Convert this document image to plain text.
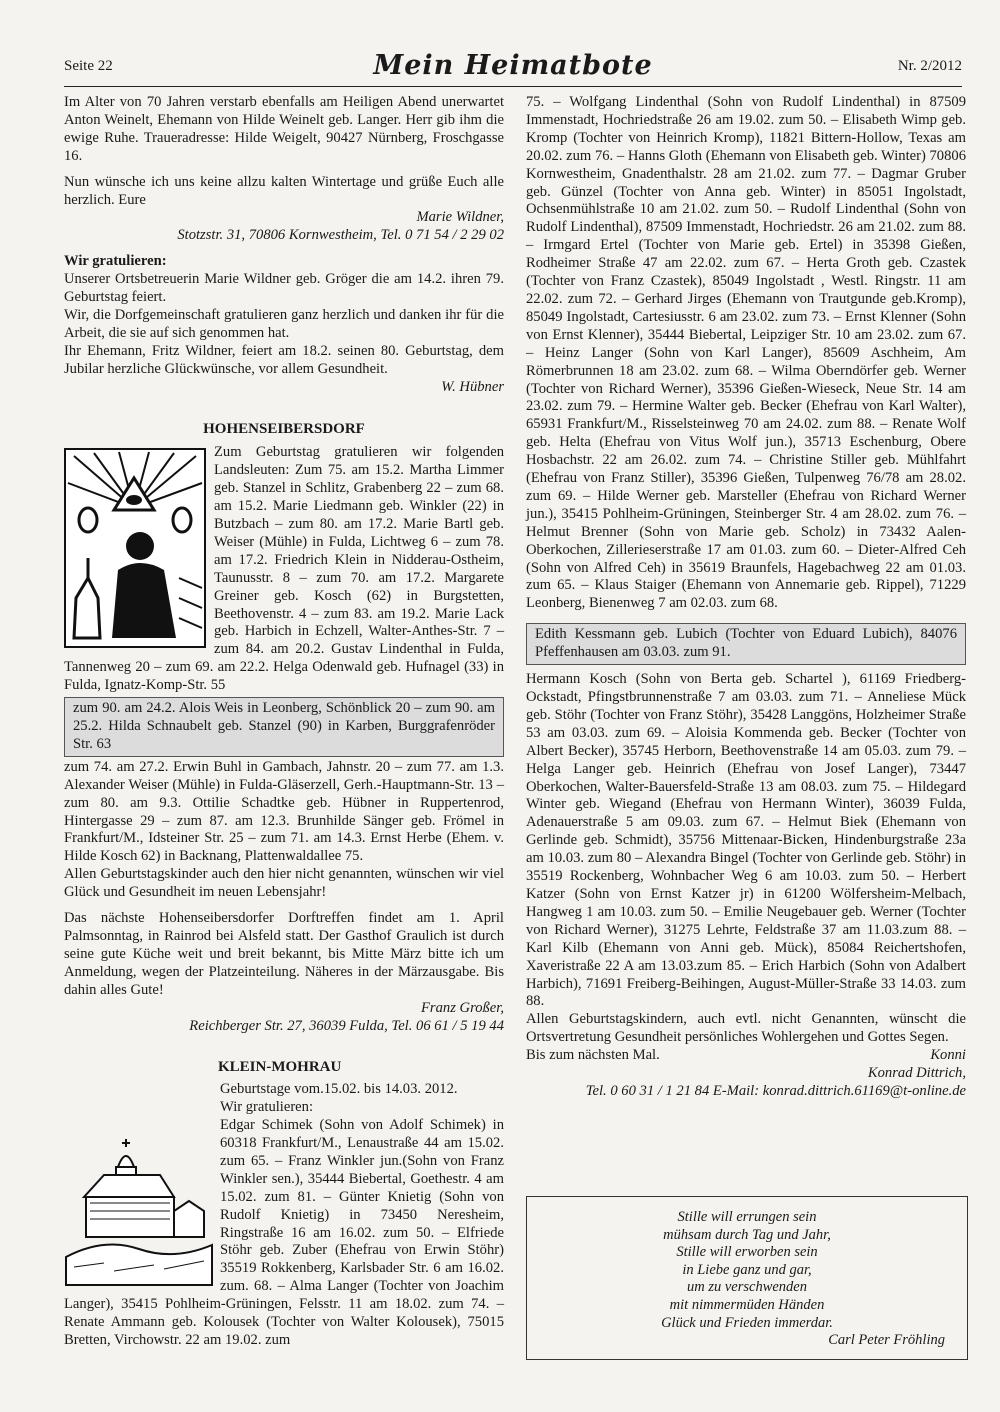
Seite 22	Mein Heimatbote	Nr. 2/2012

Im Alter von 70 Jahren verstarb ebenfalls am Heiligen Abend unerwartet Anton Weinelt, Ehemann von Hilde Weinelt geb. Langer. Herr gib ihm die ewige Ruhe. Traueradresse: Hilde Weigelt, 90427 Nürnberg, Froschgasse 16.

Nun wünsche ich uns keine allzu kalten Wintertage und grüße Euch alle herzlich. Eure

Marie Wildner,

Stotzstr. 31, 70806 Kornwestheim, Tel. 0 71 54 / 2 29 02

Wir gratulieren:

Unserer Ortsbetreuerin Marie Wildner geb. Gröger die am 14.2. ihren 79. Geburtstag feiert.

Wir, die Dorfgemeinschaft gratulieren ganz herzlich und danken ihr für die Arbeit, die sie auf sich genommen hat.

Ihr Ehemann, Fritz Wildner, feiert am 18.2. seinen 80. Geburtstag, dem Jubilar herzliche Glückwünsche, vor allem Gesundheit.

W. Hübner

HOHENSEIBERSDORF

Zum Geburtstag gratulieren wir folgenden Landsleuten: Zum 75. am 15.2. Martha Limmer geb. Stanzel in Schlitz, Grabenberg 22 – zum 68. am 15.2. Marie Liedmann geb. Winkler (22) in Butzbach – zum 80. am 17.2. Marie Bartl geb. Weiser (Mühle) in Fulda, Lichtweg 6 – zum 78. am 17.2. Friedrich Klein in Nidderau-Ostheim, Taunusstr. 8 – zum 70. am 17.2. Margarete Greiner geb. Kosch (62) in Burgstetten, Beethovenstr. 4 – zum 83. am 19.2. Marie Lack geb. Harbich in Echzell, Walter-Anthes-Str. 7 – zum 84. am 20.2. Gustav Lindenthal in Fulda, Tannenweg 20 – zum 69. am 22.2. Helga Odenwald geb. Hufnagel (33) in Fulda, Ignatz-Komp-Str. 55

zum 90. am 24.2. Alois Weis in Leonberg, Schönblick 20 – zum 90. am 25.2. Hilda Schnaubelt geb. Stanzel (90) in Karben, Burggrafenröder Str. 63

zum 74. am 27.2. Erwin Buhl in Gambach, Jahnstr. 20 – zum 77. am 1.3. Alexander Weiser (Mühle) in Fulda-Gläserzell, Gerh.-Hauptmann-Str. 13 – zum 80. am 9.3. Ottilie Schadtke geb. Hübner in Ruppertenrod, Hintergasse 29 – zum 87. am 12.3. Brunhilde Sänger geb. Frömel in Frankfurt/M., Idsteiner Str. 25 – zum 71. am 14.3. Ernst Herbe (Ehem. v. Hilde Kosch 62) in Backnang, Plattenwaldallee 75.

Allen Geburtstagskinder auch den hier nicht genannten, wünschen wir viel Glück und Gesundheit im neuen Lebensjahr!

Das nächste Hohenseibersdorfer Dorftreffen findet am 1. April Palmsonntag, in Rainrod bei Alsfeld statt. Der Gasthof Graulich ist durch seine gute Küche weit und breit bekannt, bis Mitte März bitte ich um Anmeldung, wegen der Platzeinteilung. Näheres in der Märzausgabe. Bis dahin alles Gute!

Franz Großer,

Reichberger Str. 27, 36039 Fulda, Tel. 06 61 / 5 19 44

KLEIN-MOHRAU

Geburtstage vom.15.02. bis 14.03. 2012.

Wir gratulieren:

Edgar Schimek (Sohn von Adolf Schimek) in 60318 Frankfurt/M., Lenaustraße 44 am 15.02. zum 65. – Franz Winkler jun.(Sohn von Franz Winkler sen.), 35444 Biebertal, Goethestr. 4 am 15.02. zum 81. – Günter Knietig (Sohn von Rudolf Knietig) in 73450 Neresheim, Ringstraße 16 am 16.02. zum 50. – Elfriede Stöhr geb. Zuber (Ehefrau von Erwin Stöhr) 35519 Rokkenberg, Karlsbader Str. 6 am 16.02. zum. 68. – Alma Langer (Tochter von Joachim Langer), 35415 Pohlheim-Grüningen, Felsstr. 11 am 18.02. zum 74. – Renate Ammann geb. Kolousek (Tochter von Walter Kolousek), 75015 Bretten, Virchowstr. 22 am 19.02. zum

75. – Wolfgang Lindenthal (Sohn von Rudolf Lindenthal) in 87509 Immenstadt, Hochriedstraße 26 am 19.02. zum 50. – Elisabeth Wimp geb. Kromp (Tochter von Heinrich Kromp), 11821 Bittern-Hollow, Texas am 20.02. zum 76. – Hanns Gloth (Ehemann von Elisabeth geb. Winter) 70806 Kornwestheim, Gnadenthalstr. 28 am 21.02. zum 77. – Dagmar Gruber geb. Günzel (Tochter von Anna geb. Winter) in 85051 Ingolstadt, Ochsenmühlstraße 10 am 21.02. zum 50. – Rudolf Lindenthal (Sohn von Rudolf Lindenthal), 87509 Immenstadt, Hochriedstr. 26 am 21.02. zum 88. – Irmgard Ertel (Tochter von Marie geb. Ertel) in 35398 Gießen, Rodheimer Straße 47 am 22.02. zum 67. – Herta Groth geb. Czastek (Tochter von Franz Czastek), 85049 Ingolstadt , Westl. Ringstr. 11 am 22.02. zum 72. – Gerhard Jirges (Ehemann von Trautgunde geb.Kromp), 85049 Ingolstadt, Cartesiusstr. 6 am 23.02. zum 73. – Ernst Klenner (Sohn von Ernst Klenner), 35444 Biebertal, Leipziger Str. 10 am 23.02. zum 67. – Heinz Langer (Sohn von Karl Langer), 85609 Aschheim, Am Römerbrunnen 18 am 23.02. zum 68. – Wilma Oberndörfer geb. Werner (Tochter von Richard Werner), 35396 Gießen-Wieseck, Neue Str. 14 am 23.02. zum 79. – Hermine Walter geb. Becker (Ehefrau von Karl Walter), 65931 Frankfurt/M., Risselsteinweg 70 am 24.02. zum 88. – Renate Wolf geb. Helta (Ehefrau von Vitus Wolf jun.), 35713 Eschenburg, Obere Hosbachstr. 22 am 26.02. zum 74. – Christine Stiller geb. Mühlfahrt (Ehefrau von Franz Stiller), 35396 Gießen, Tulpenweg 76/78 am 28.02. zum 69. – Hilde Werner geb. Marsteller (Ehefrau von Richard Werner jun.), 35415 Pohlheim-Grüningen, Steinberger Str. 4 am 28.02. zum 76. – Helmut Brenner (Sohn von Marie geb. Scholz) in 73432 Aalen-Oberkochen, Zillerieserstraße 17 am 01.03. zum 60. – Dieter-Alfred Ceh (Sohn von Alfred Ceh) in 35619 Braunfels, Hagebachweg 22 am 01.03. zum 65. – Klaus Staiger (Ehemann von Annemarie geb. Rippel), 71229 Leonberg, Bienenweg 7 am 02.03. zum 68.

Edith Kessmann geb. Lubich (Tochter von Eduard Lubich), 84076 Pfeffenhausen am 03.03. zum 91.

Hermann Kosch (Sohn von Berta geb. Schartel ), 61169 Friedberg-Ockstadt, Pfingstbrunnenstraße 7 am 03.03. zum 71. – Anneliese Mück geb. Stöhr (Tochter von Franz Stöhr), 35428 Langgöns, Holzheimer Straße 53 am 03.03. zum 69. – Aloisia Kommenda geb. Becker (Tochter von Albert Becker), 35745 Herborn, Beethovenstraße 14 am 05.03. zum 79. – Helga Langer geb. Heinrich (Ehefrau von Josef Langer), 73447 Oberkochen, Walter-Bauersfeld-Straße 13 am 08.03. zum 75. – Hildegard Winter geb. Wiegand (Ehefrau von Hermann Winter), 36039 Fulda, Adenauerstraße 5 am 09.03. zum 67. – Helmut Biek (Ehemann von Gerlinde geb. Schmidt), 35756 Mittenaar-Bicken, Hindenburgstraße 23a am 10.03. zum 80 – Alexandra Bingel (Tochter von Gerlinde geb. Stöhr) in 35519 Rockenberg, Wohnbacher Weg 6 am 10.03. zum 50. – Herbert Katzer (Sohn von Ernst Katzer jr) in 61200 Wölfersheim-Melbach, Hangweg 1 am 10.03. zum 50. – Emilie Neugebauer geb. Werner (Tochter von Richard Werner), 31275 Lehrte, Feldstraße 37 am 11.03.zum 88. – Karl Kilb (Ehemann von Anni geb. Mück), 85084 Reichertshofen, Xaveristraße 22 A am 13.03.zum 85. – Erich Harbich (Sohn von Adalbert Harbich), 71691 Freiberg-Beihingen, August-Müller-Straße 33 14.03. zum 88.

Allen Geburtstagskindern, auch evtl. nicht Genannten, wünscht die Ortsvertretung Gesundheit persönliches Wohlergehen und Gottes Segen.

Bis zum nächsten Mal.	Konni

Konrad Dittrich,

Tel. 0 60 31 / 1 21 84 E-Mail: konrad.dittrich.61169@t-online.de

Stille will errungen sein
mühsam durch Tag und Jahr,
Stille will erworben sein
in Liebe ganz und gar,
um zu verschwenden
mit nimmermüden Händen
Glück und Frieden immerdar.
Carl Peter Fröhling
